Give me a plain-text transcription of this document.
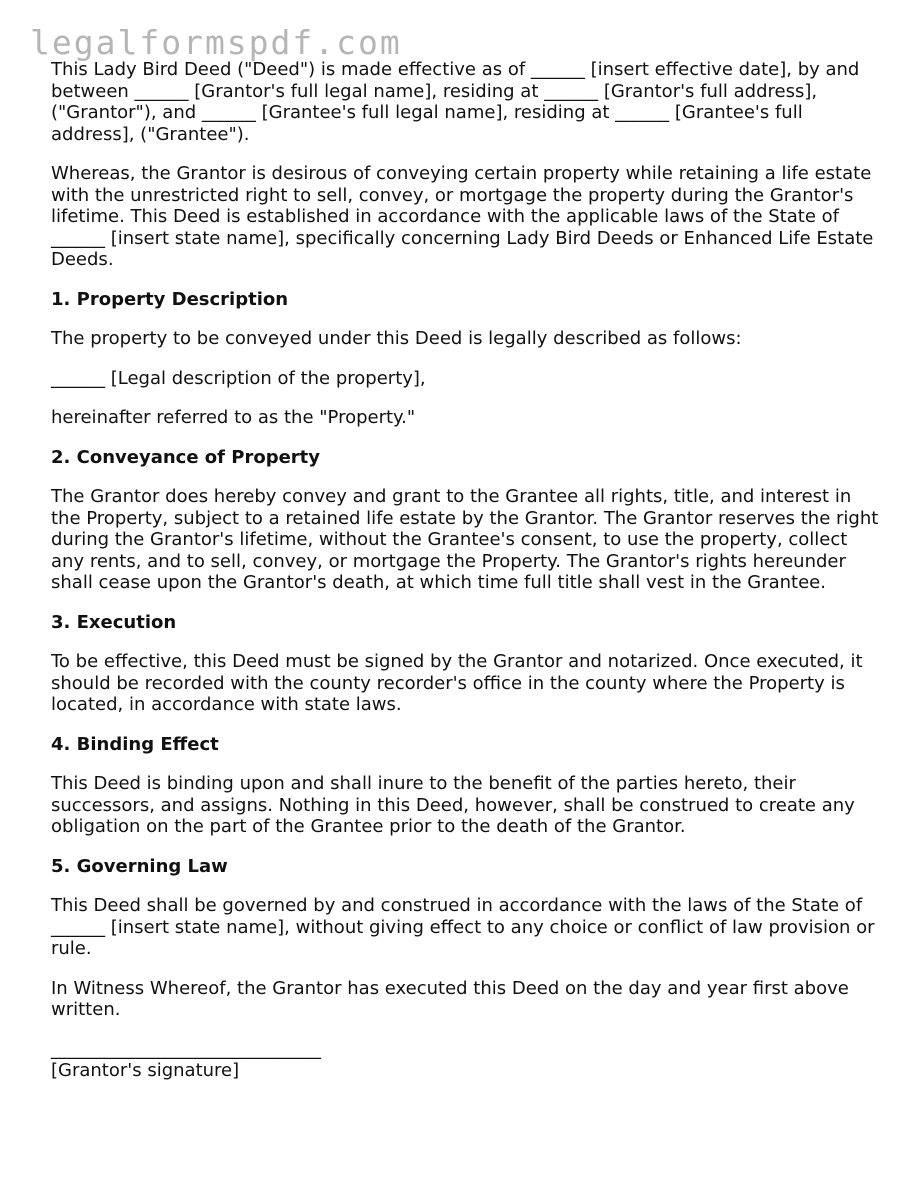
legalformspdf.com

This Lady Bird Deed ("Deed") is made effective as of ______ [insert effective date], by and between ______ [Grantor's full legal name], residing at ______ [Grantor's full address], ("Grantor"), and ______ [Grantee's full legal name], residing at ______ [Grantee's full address], ("Grantee").

Whereas, the Grantor is desirous of conveying certain property while retaining a life estate with the unrestricted right to sell, convey, or mortgage the property during the Grantor's lifetime. This Deed is established in accordance with the applicable laws of the State of ______ [insert state name], specifically concerning Lady Bird Deeds or Enhanced Life Estate Deeds.

1. Property Description

The property to be conveyed under this Deed is legally described as follows:

______ [Legal description of the property],

hereinafter referred to as the "Property."

2. Conveyance of Property

The Grantor does hereby convey and grant to the Grantee all rights, title, and interest in the Property, subject to a retained life estate by the Grantor. The Grantor reserves the right during the Grantor's lifetime, without the Grantee's consent, to use the property, collect any rents, and to sell, convey, or mortgage the Property. The Grantor's rights hereunder shall cease upon the Grantor's death, at which time full title shall vest in the Grantee.

3. Execution

To be effective, this Deed must be signed by the Grantor and notarized. Once executed, it should be recorded with the county recorder's office in the county where the Property is located, in accordance with state laws.

4. Binding Effect

This Deed is binding upon and shall inure to the benefit of the parties hereto, their successors, and assigns. Nothing in this Deed, however, shall be construed to create any obligation on the part of the Grantee prior to the death of the Grantor.

5. Governing Law

This Deed shall be governed by and construed in accordance with the laws of the State of ______ [insert state name], without giving effect to any choice or conflict of law provision or rule.

In Witness Whereof, the Grantor has executed this Deed on the day and year first above written.

______________________________
[Grantor's signature]
